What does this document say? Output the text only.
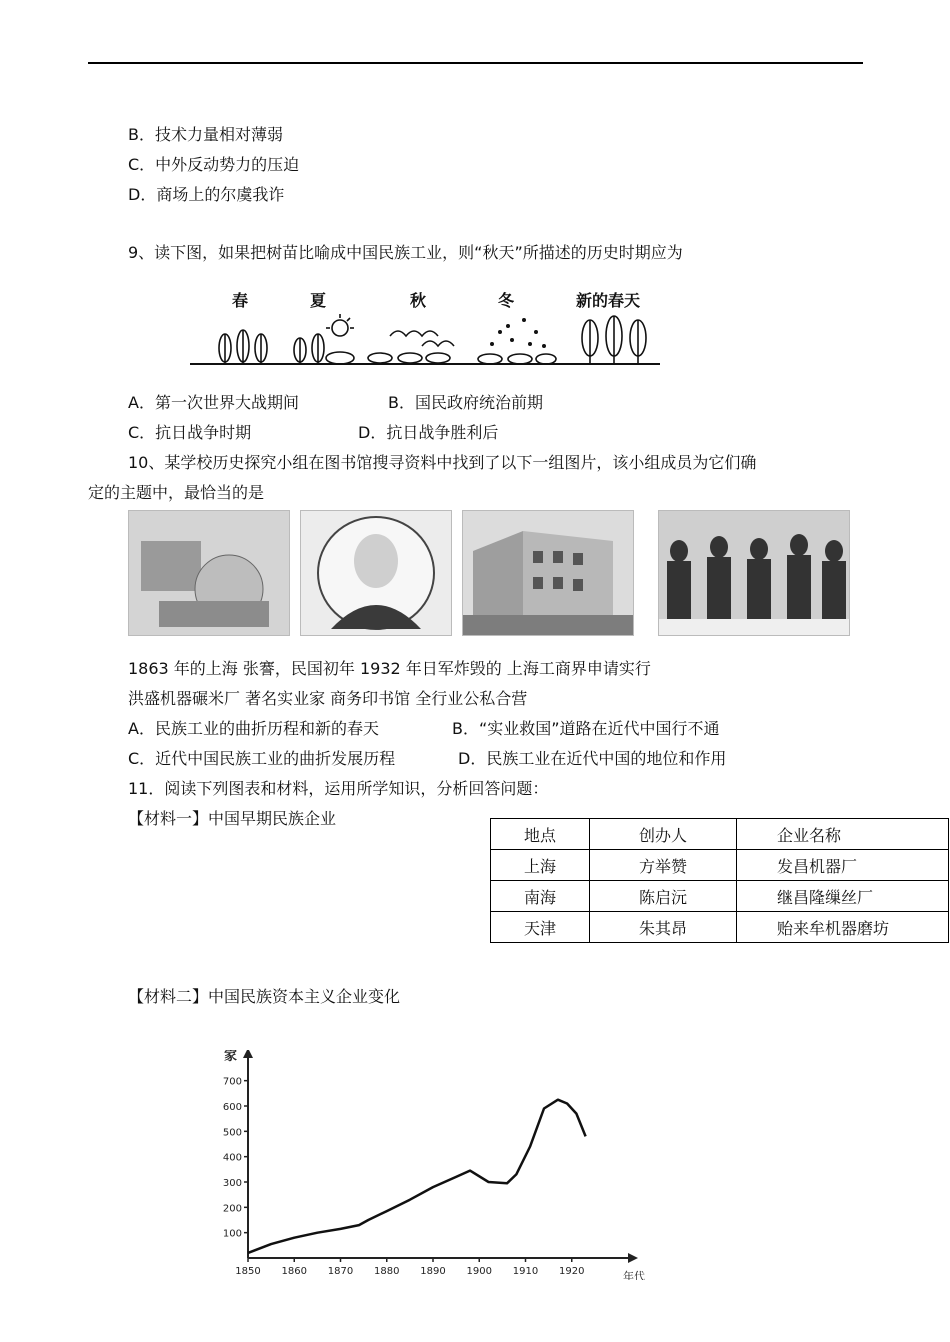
B．技术力量相对薄弱
C．中外反动势力的压迫
D．商场上的尔虞我诈
9、读下图，如果把树苗比喻成中国民族工业，则“秋天”所描述的历史时期应为
春	夏	秋	冬	新的春天
A．第一次世界大战期间	B．国民政府统治前期
C．抗日战争时期	D．抗日战争胜利后
10、某学校历史探究小组在图书馆搜寻资料中找到了以下一组图片，该小组成员为它们确
定的主题中，最恰当的是
1863 年的上海 张謇，民国初年 1932 年日军炸毁的 上海工商界申请实行
洪盛机器碾米厂 著名实业家 商务印书馆 全行业公私合营
A．民族工业的曲折历程和新的春天	B．“实业救国”道路在近代中国行不通
C．近代中国民族工业的曲折发展历程	D．民族工业在近代中国的地位和作用
11．阅读下列图表和材料，运用所学知识，分析回答问题：
【材料一】中国早期民族企业
地点	创办人	企业名称
上海	方举赞	发昌机器厂
南海	陈启沅	继昌隆缫丝厂
天津	朱其昂	贻来牟机器磨坊
【材料二】中国民族资本主义企业变化
100
200
300
400
500
600
700
1850 1860 1870 1880 1890 1900 1910 1920
家
年代
